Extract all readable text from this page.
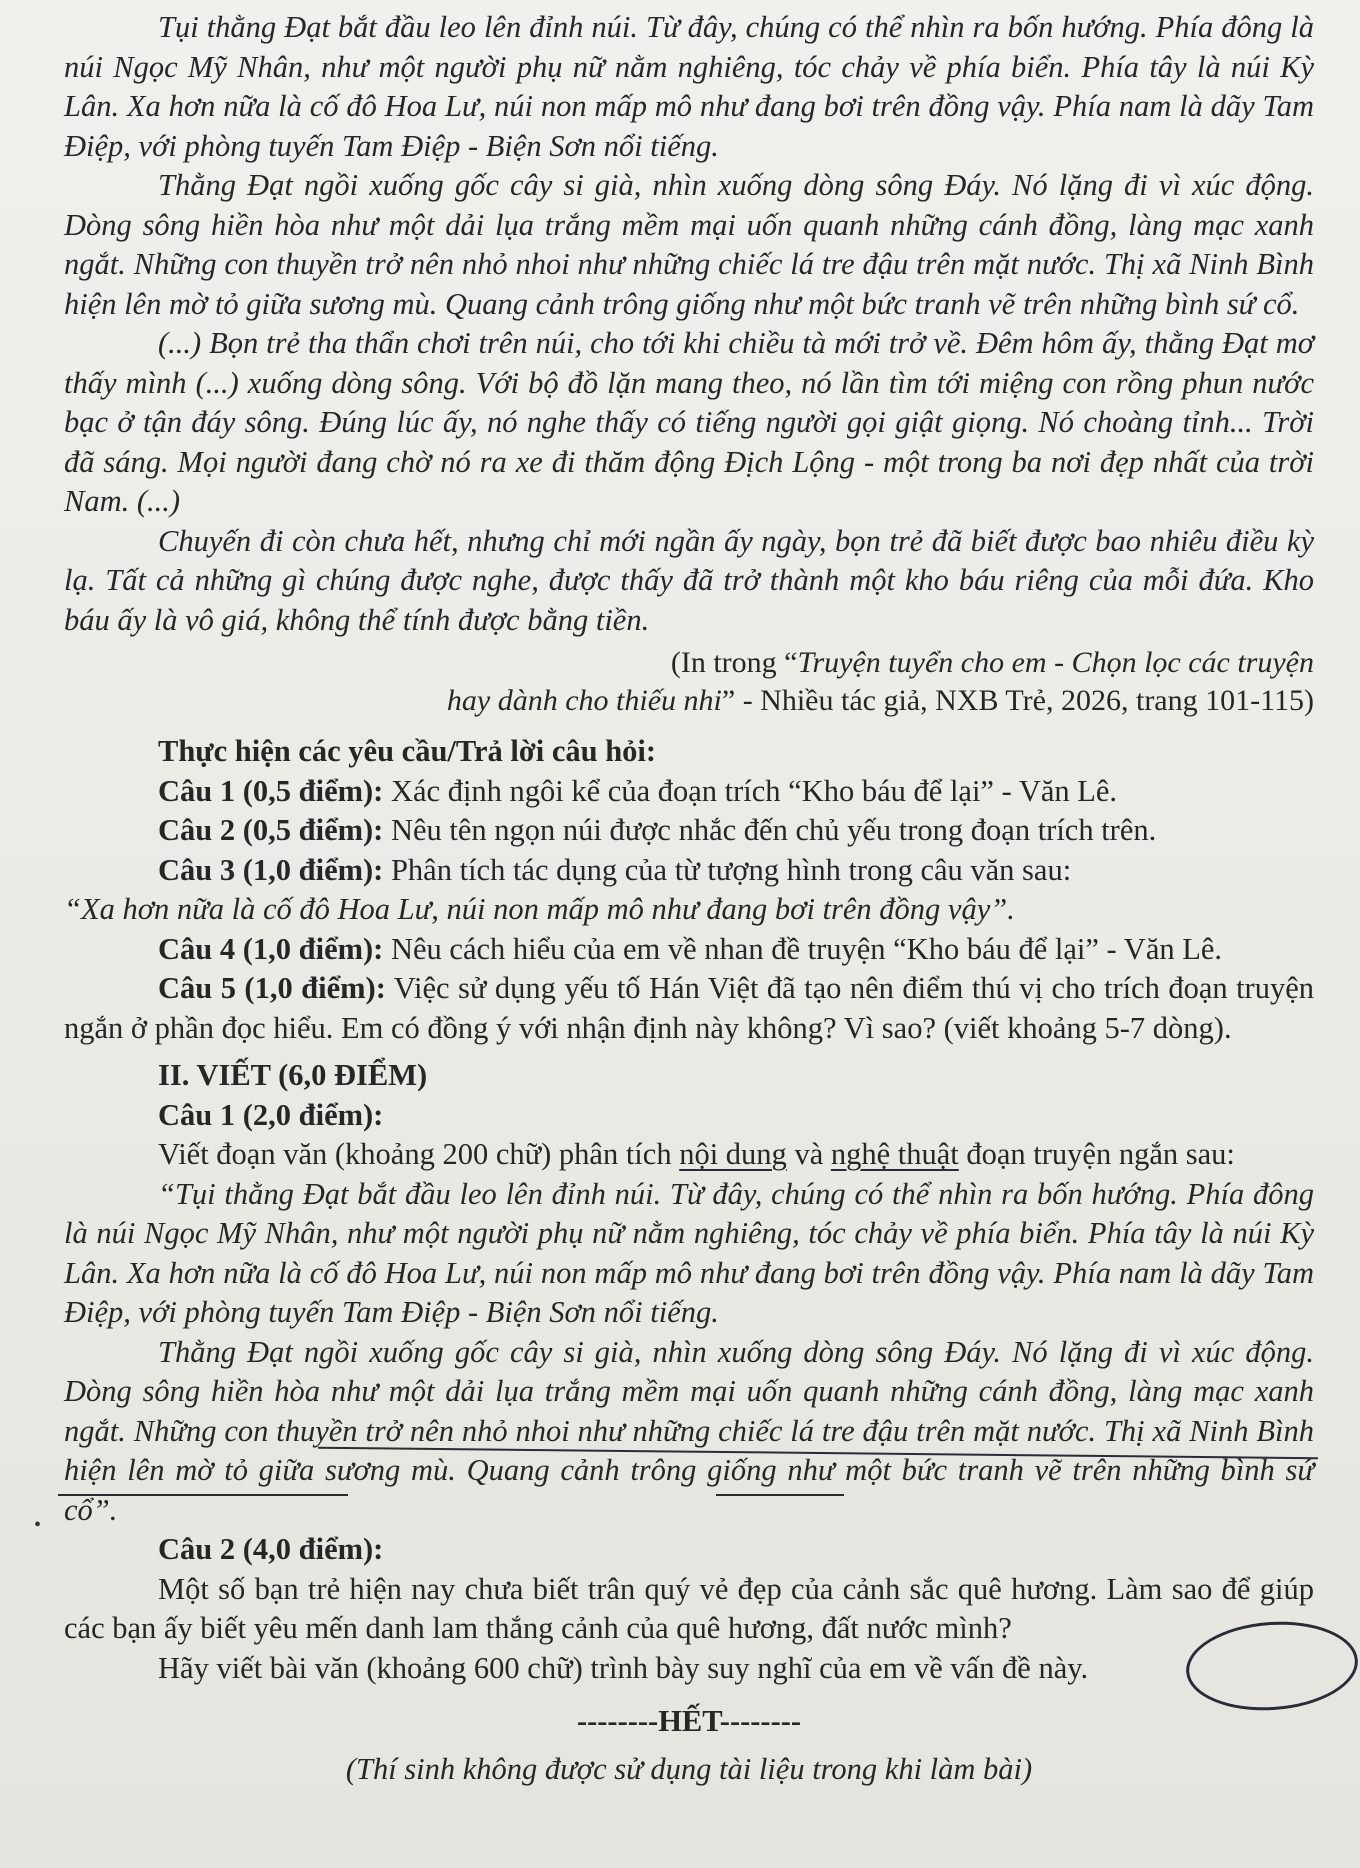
Tụi thằng Đạt bắt đầu leo lên đỉnh núi. Từ đây, chúng có thể nhìn ra bốn hướng. Phía đông là núi Ngọc Mỹ Nhân, như một người phụ nữ nằm nghiêng, tóc chảy về phía biển. Phía tây là núi Kỳ Lân. Xa hơn nữa là cố đô Hoa Lư, núi non mấp mô như đang bơi trên đồng vậy. Phía nam là dãy Tam Điệp, với phòng tuyến Tam Điệp - Biện Sơn nổi tiếng.

Thằng Đạt ngồi xuống gốc cây si già, nhìn xuống dòng sông Đáy. Nó lặng đi vì xúc động. Dòng sông hiền hòa như một dải lụa trắng mềm mại uốn quanh những cánh đồng, làng mạc xanh ngắt. Những con thuyền trở nên nhỏ nhoi như những chiếc lá tre đậu trên mặt nước. Thị xã Ninh Bình hiện lên mờ tỏ giữa sương mù. Quang cảnh trông giống như một bức tranh vẽ trên những bình sứ cổ.

(...) Bọn trẻ tha thẩn chơi trên núi, cho tới khi chiều tà mới trở về. Đêm hôm ấy, thằng Đạt mơ thấy mình (...) xuống dòng sông. Với bộ đồ lặn mang theo, nó lần tìm tới miệng con rồng phun nước bạc ở tận đáy sông. Đúng lúc ấy, nó nghe thấy có tiếng người gọi giật giọng. Nó choàng tỉnh... Trời đã sáng. Mọi người đang chờ nó ra xe đi thăm động Địch Lộng - một trong ba nơi đẹp nhất của trời Nam. (...)

Chuyến đi còn chưa hết, nhưng chỉ mới ngần ấy ngày, bọn trẻ đã biết được bao nhiêu điều kỳ lạ. Tất cả những gì chúng được nghe, được thấy đã trở thành một kho báu riêng của mỗi đứa. Kho báu ấy là vô giá, không thể tính được bằng tiền.

(In trong “Truyện tuyển cho em - Chọn lọc các truyện
hay dành cho thiếu nhi” - Nhiều tác giả, NXB Trẻ, 2026, trang 101-115)

Thực hiện các yêu cầu/Trả lời câu hỏi:

Câu 1 (0,5 điểm): Xác định ngôi kể của đoạn trích “Kho báu để lại” - Văn Lê.

Câu 2 (0,5 điểm): Nêu tên ngọn núi được nhắc đến chủ yếu trong đoạn trích trên.

Câu 3 (1,0 điểm): Phân tích tác dụng của từ tượng hình trong câu văn sau:

“Xa hơn nữa là cố đô Hoa Lư, núi non mấp mô như đang bơi trên đồng vậy”.

Câu 4 (1,0 điểm): Nêu cách hiểu của em về nhan đề truyện “Kho báu để lại” - Văn Lê.

Câu 5 (1,0 điểm): Việc sử dụng yếu tố Hán Việt đã tạo nên điểm thú vị cho trích đoạn truyện ngắn ở phần đọc hiểu. Em có đồng ý với nhận định này không? Vì sao? (viết khoảng 5-7 dòng).

II. VIẾT (6,0 ĐIỂM)

Câu 1 (2,0 điểm):

Viết đoạn văn (khoảng 200 chữ) phân tích nội dung và nghệ thuật đoạn truyện ngắn sau:

“Tụi thằng Đạt bắt đầu leo lên đỉnh núi. Từ đây, chúng có thể nhìn ra bốn hướng. Phía đông là núi Ngọc Mỹ Nhân, như một người phụ nữ nằm nghiêng, tóc chảy về phía biển. Phía tây là núi Kỳ Lân. Xa hơn nữa là cố đô Hoa Lư, núi non mấp mô như đang bơi trên đồng vậy. Phía nam là dãy Tam Điệp, với phòng tuyến Tam Điệp - Biện Sơn nổi tiếng.

Thằng Đạt ngồi xuống gốc cây si già, nhìn xuống dòng sông Đáy. Nó lặng đi vì xúc động. Dòng sông hiền hòa như một dải lụa trắng mềm mại uốn quanh những cánh đồng, làng mạc xanh ngắt. Những con thuyền trở nên nhỏ nhoi như những chiếc lá tre đậu trên mặt nước. Thị xã Ninh Bình hiện lên mờ tỏ giữa sương mù. Quang cảnh trông giống như một bức tranh vẽ trên những bình sứ cổ”.

Câu 2 (4,0 điểm):

Một số bạn trẻ hiện nay chưa biết trân quý vẻ đẹp của cảnh sắc quê hương. Làm sao để giúp các bạn ấy biết yêu mến danh lam thắng cảnh của quê hương, đất nước mình?

Hãy viết bài văn (khoảng 600 chữ) trình bày suy nghĩ của em về vấn đề này.

--------HẾT--------

(Thí sinh không được sử dụng tài liệu trong khi làm bài)

•
